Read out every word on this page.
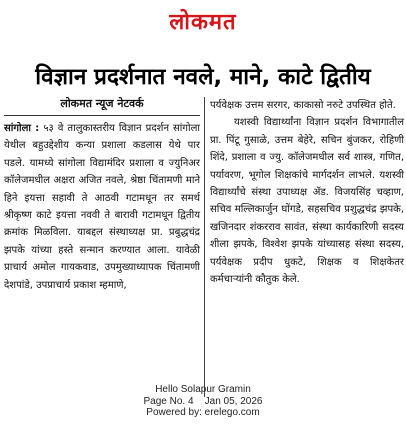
लोकमत
विज्ञान प्रदर्शनात नवले, माने, काटे द्वितीय
लोकमत न्यूज नेटवर्क

सांगोला : ५३ वे तालुकास्तरीय विज्ञान प्रदर्शन सांगोला येथील बहुउद्देशीय कन्या प्रशाला कडलास येथे पार पडले. यामध्ये सांगोला विद्यामंदिर प्रशाला व ज्युनिअर कॉलेजमधील अक्षरा अजित नवले, श्रेष्ठा चिंतामणी माने हिने इयत्ता सहावी ते आठवी गटामधून तर समर्थ श्रीकृष्ण काटे इयत्ता नववी ते बारावी गटामधून द्वितीय क्रमांक मिळविला. याबद्दल संस्थाध्यक्ष प्रा. प्रबुद्धचंद्र झपके यांच्या हस्ते सन्मान करण्यात आला. यावेळी प्राचार्य अमोल गायकवाड, उपमुख्याध्यापक चिंतामणी देशपांडे, उपप्राचार्य प्रकाश म्हमाणे,

पर्यवेक्षक उत्तम सरगर, काकासो नरुटे उपस्थित होते.

यशस्वी विद्यार्थ्यांना विज्ञान प्रदर्शन विभागातील प्रा. पिंटू गुसाळे, उत्तम बेहेरे, सचिन बुंजकर, रोहिणी शिंदे, प्रशाला व ज्यु. कॉलेजमधील सर्व शास्त्र, गणित, पर्यावरण, भूगोल शिक्षकांचे मार्गदर्शन लाभले. यशस्वी विद्यार्थ्यांचे संस्था उपाध्यक्ष ॲड. विजयसिंह चव्हाण, सचिव मल्लिकार्जुन घोंगडे, सहसचिव प्रशुद्धचंद्र झपके, खजिनदार शंकरराव सावंत, संस्था कार्यकारिणी सदस्य शीला झपके, विश्वेश झपके यांच्यासह संस्था सदस्य, पर्यवेक्षक प्रदीप धुकटे, शिक्षक व शिक्षकेतर कर्मचाऱ्यांनी कौतुक केले.

Hello Solapur Gramin
Page No. 4    Jan 05, 2026
Powered by: erelego.com
